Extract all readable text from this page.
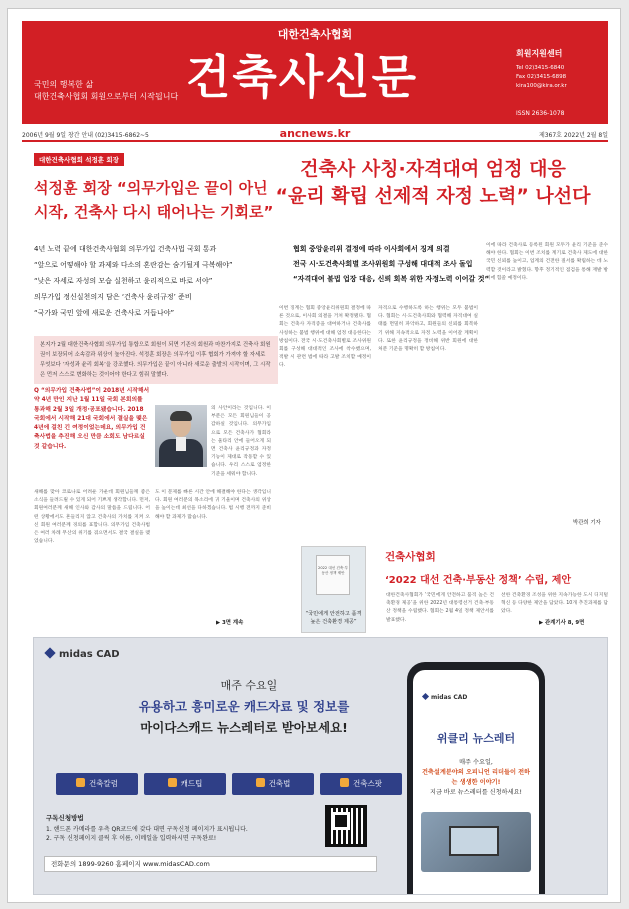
대한건축사협회
건축사신문
국민의 행복한 삶
대한건축사협회 회원으로부터 시작됩니다
회원지원센터
Tel 02)3415-6840
Fax 02)3415-6898
kira100@kira.or.kr
ISSN 2636-1078
2006년 9월 9일 창간 안내 (02)3415-6862~5	ancnews.kr	제367호 2022년 2월 8일
대한건축사협회 석정훈 회장
석정훈 회장 “의무가입은 끝이 아닌
시작, 건축사 다시 태어나는 기회로”
건축사 사칭·자격대여 엄정 대응
“윤리 확립 선제적 자정 노력” 나선다
4년 노력 끝에 대한건축사협회 의무가입 건축사법 국회 통과
“앞으로 어떻해야 할 과제와 다소의 혼란감는 숨기될게 극복해야”
“낮은 자세로 자성의 모습 실천하고 윤리적으로 바로 서야”
의무가입 정신실천의지 담은 ‘건축사 윤리규정’ 준비
“국가와 국민 앞에 새로운 건축사로 거듭나야”
협회 중앙윤리위 결정에 따라 이사회에서 징계 의결
전국 시·도건축사회별 조사위원회 구성해 대대적 조사 돌입
“자격대여 불법 업장 대응, 신뢰 회복 위한 자정노력 이어갈 것”
본지가 2월 대한건축사협회 의무가입 통합으로 회원이 되면 기존의 회원과 마찬가지로 건축사 회원권이 보장되어 소속감과 위상이 높아진다. 석정훈 회장은 의무가입 이후 협회가 가져야 할 자세로 무엇보다 ‘자성과 윤리 회복’을 강조했다. 의무가입은 끝이 아니라 새로운 출발의 시작이며, 그 시작은 먼저 스스로 변화하는 것이어야 한다고 힘줘 말했다.
Q “의무가입 건축사법”이 2018년 시작해서 약 4년 만인 지난 1월 11일 국회 본회의를 통과해 2월 3일 개정·공포됐습니다. 2018 국회에서 시작해 21대 국회에서 결실을 맺은 4년에 걸친 긴 여정이었는데요, 의무가입 건축사법을 추진해 오신 만큼 소회도 남다르실 것 같습니다.
새해를 맞아 코로나로 어려운 가운데 회원님들께 좋은 소식을 들려드릴 수 있게 되어 기쁘게 생각합니다. 먼저, 회원여러분께 새해 인사와 감사의 말씀을 드립니다. 어떤 상황에서도 흔들리지 않고 건축사의 가치를 지켜 오신 회원 여러분께 경의를 표합니다. 의무가입 건축사법은 여러 차례 무산의 위기를 겪으면서도 결국 결실을 맺었습니다.
의 사안이라는 것입니다. 이 부분은 모든 회원님들이 공감하실 것입니다. 의무가입으로 모든 건축사가 협회라는 울타리 안에 들어오게 되면 건축사 윤리규정과 자정 기능이 제대로 작동할 수 있습니다. 우리 스스로 엄정한 기준을 세워야 합니다.
도 이 문제를 빠른 시간 안에 해결해야 한다는 생각입니다. 회원 여러분의 목소리에 귀 기울이며 건축사의 위상을 높이는데 최선을 다하겠습니다. 법 시행 전까지 준비해야 할 과제가 많습니다.
이번 징계는 협회 중앙윤리위원회 결정에 따른 것으로, 이사회 의결을 거쳐 확정됐다. 협회는 건축사 자격증을 대여하거나 건축사를 사칭하는 불법 행위에 대해 엄정 대응한다는 방침이다. 전국 시·도건축사회별로 조사위원회를 구성해 대대적인 조사에 착수했으며, 적발 시 관련 법에 따라 고발 조치할 예정이다.
자격으로 수행하도록 하는 행위는 모두 불법이다. 협회는 시·도건축사회와 협력해 자격대여 실태를 면밀히 파악하고, 회원들의 신뢰를 회복하기 위해 지속적으로 자정 노력을 이어갈 계획이다. 또한 윤리규정을 정비해 위반 회원에 대한 처분 기준을 명확히 할 방침이다.
이에 따라 건축사로 등록된 회원 모두가 윤리 기준을 준수해야 한다. 협회는 이번 조치를 계기로 건축사 제도에 대한 국민 신뢰를 높이고, 업계의 건전한 질서를 확립하는 데 노력할 것이라고 밝혔다. 향후 정기적인 점검을 통해 재발 방지에 힘쓸 예정이다.
박관희 기자
2022 대선 건축·부동산 정책 제안
“국민에게 안전하고 품격 높은 건축환경 제공”
▶ 3면 계속
건축사협회
‘2022 대선 건축·부동산 정책’ 수립, 제안
대한건축사협회가 ‘국민에게 안전하고 품격 높은 건축환경 제공’을 위한 2022년 대통령선거 건축·부동산 정책을 수립했다. 협회는 2월 4일 정책 제안서를 발표했다.
선한 건축환경 조성을 위한 지속가능한 도시 디지털 혁신 등 다양한 제안을 담았다. 10개 추진과제를 담았다.
▶ 관계기사 8, 9면
midas CAD
매주 수요일
유용하고 흥미로운 캐드자료 및 정보를
마이다스캐드 뉴스레터로 받아보세요!
건축칼럼	캐드팁	건축법	건축스팟
구독신청방법
1. 핸드폰 카메라를 우측 QR코드에 갖다 대면 구독신청 페이지가 표시됩니다.
2. 구독 신청페이지 클릭 후 이름, 이메일을 입력하시면 구독완료!
전화문의 1899-9260 홈페이지 www.midasCAD.com
midas CAD
위클리 뉴스레터
매주 수요일,
건축설계분야의 오피니언 리더들이 전하는 생생한 이야기!
지금 바로 뉴스레터를 신청하세요!
